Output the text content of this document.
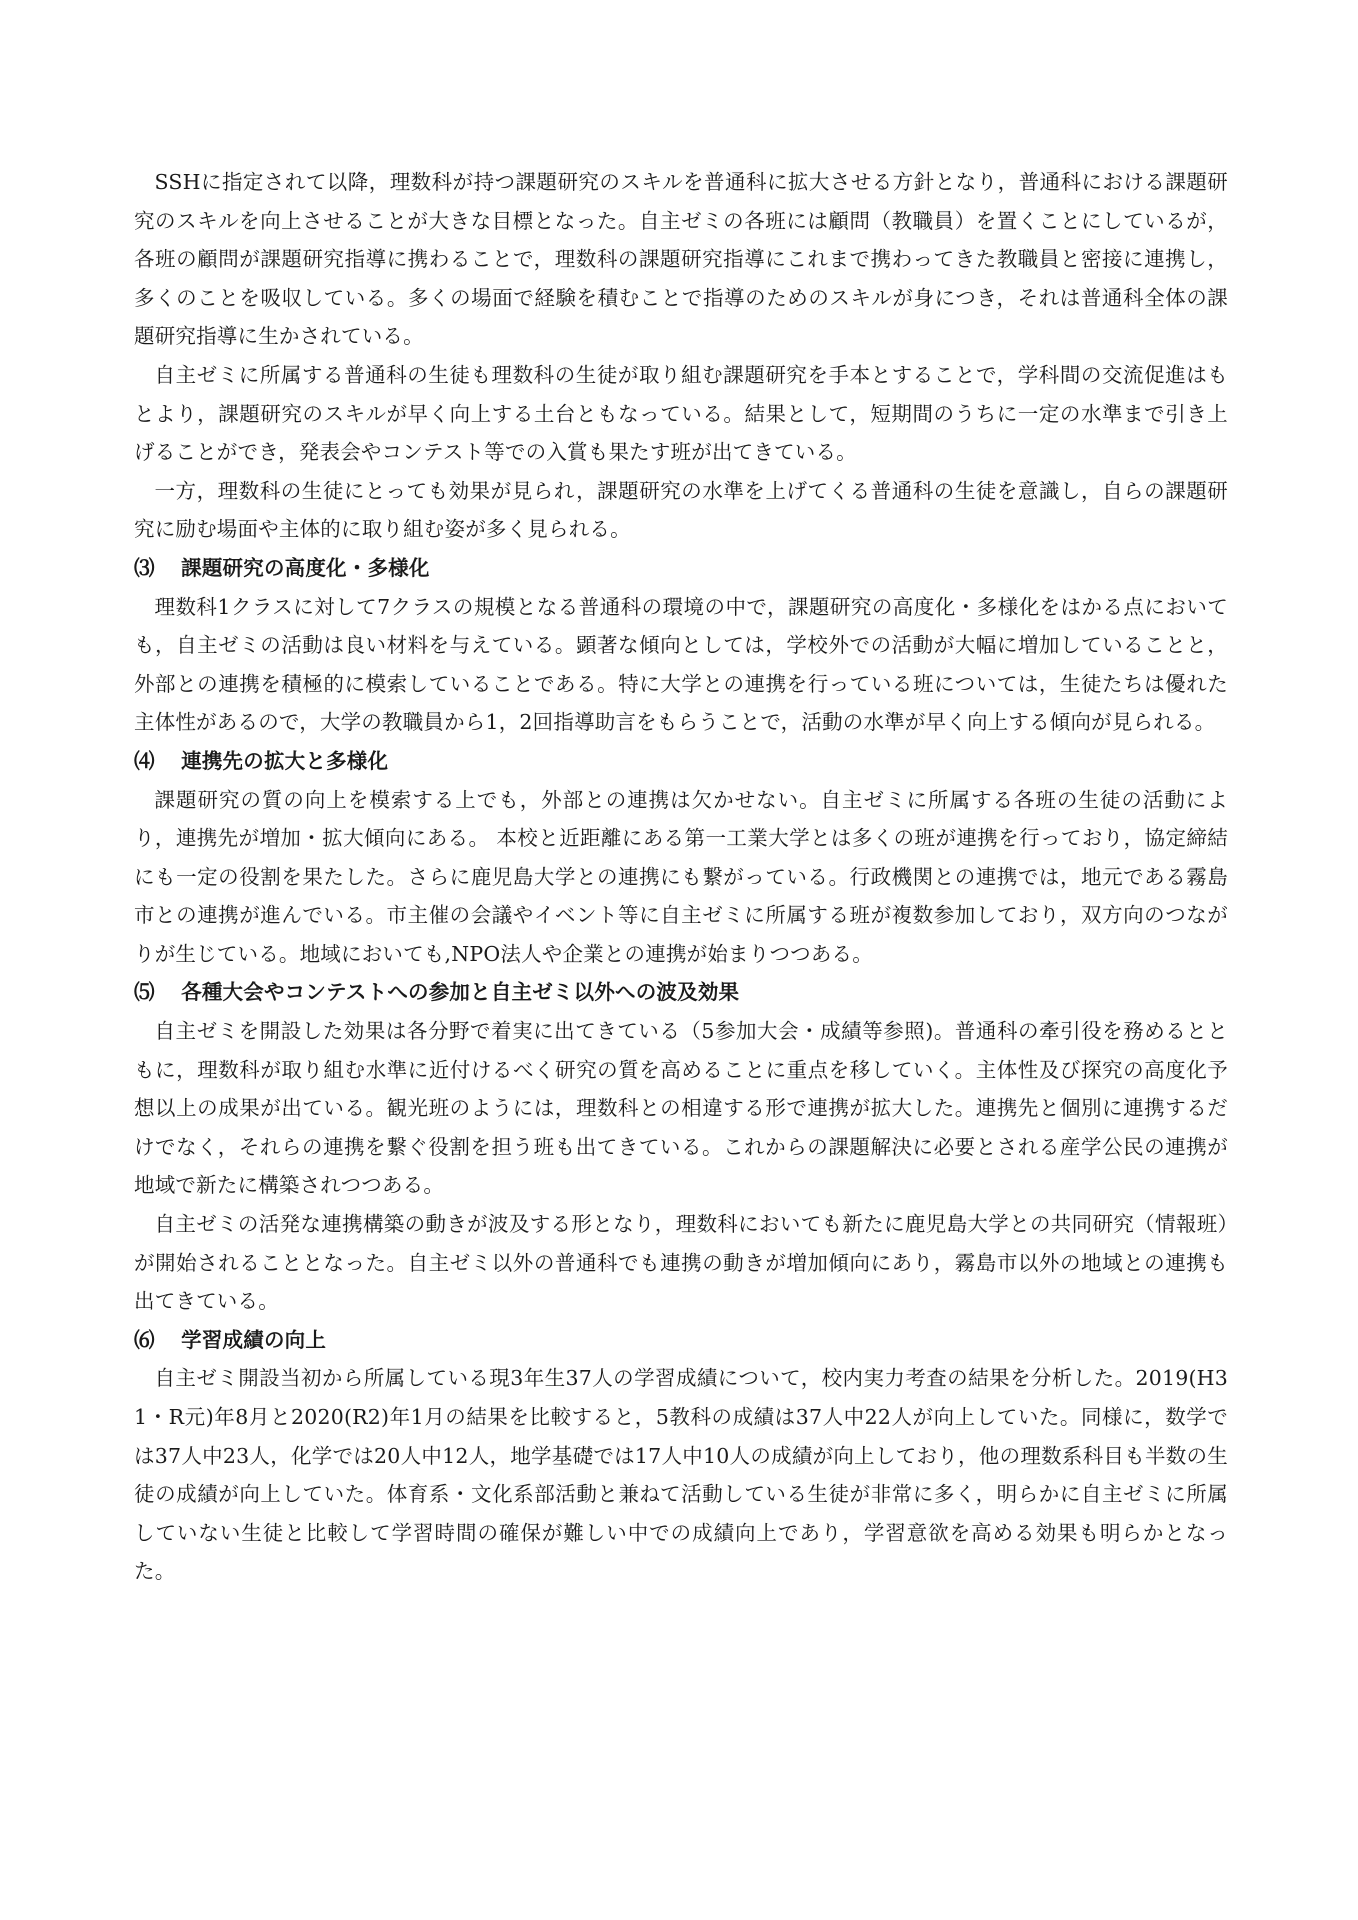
SSHに指定されて以降，理数科が持つ課題研究のスキルを普通科に拡大させる方針となり，普通科における課題研究のスキルを向上させることが大きな目標となった。自主ゼミの各班には顧問（教職員）を置くことにしているが，各班の顧問が課題研究指導に携わることで，理数科の課題研究指導にこれまで携わってきた教職員と密接に連携し，多くのことを吸収している。多くの場面で経験を積むことで指導のためのスキルが身につき，それは普通科全体の課題研究指導に生かされている。

自主ゼミに所属する普通科の生徒も理数科の生徒が取り組む課題研究を手本とすることで，学科間の交流促進はもとより，課題研究のスキルが早く向上する土台ともなっている。結果として，短期間のうちに一定の水準まで引き上げることができ，発表会やコンテスト等での入賞も果たす班が出てきている。

一方，理数科の生徒にとっても効果が見られ，課題研究の水準を上げてくる普通科の生徒を意識し，自らの課題研究に励む場面や主体的に取り組む姿が多く見られる。

⑶ 課題研究の高度化・多様化

理数科1クラスに対して7クラスの規模となる普通科の環境の中で，課題研究の高度化・多様化をはかる点においても，自主ゼミの活動は良い材料を与えている。顕著な傾向としては，学校外での活動が大幅に増加していることと，外部との連携を積極的に模索していることである。特に大学との連携を行っている班については，生徒たちは優れた主体性があるので，大学の教職員から1，2回指導助言をもらうことで，活動の水準が早く向上する傾向が見られる。

⑷ 連携先の拡大と多様化

課題研究の質の向上を模索する上でも，外部との連携は欠かせない。自主ゼミに所属する各班の生徒の活動により，連携先が増加・拡大傾向にある。 本校と近距離にある第一工業大学とは多くの班が連携を行っており，協定締結にも一定の役割を果たした。さらに鹿児島大学との連携にも繋がっている。行政機関との連携では，地元である霧島市との連携が進んでいる。市主催の会議やイベント等に自主ゼミに所属する班が複数参加しており，双方向のつながりが生じている。地域においても,NPO法人や企業との連携が始まりつつある。

⑸ 各種大会やコンテストへの参加と自主ゼミ以外への波及効果

自主ゼミを開設した効果は各分野で着実に出てきている（5参加大会・成績等参照)。普通科の牽引役を務めるとともに，理数科が取り組む水準に近付けるべく研究の質を高めることに重点を移していく。主体性及び探究の高度化予想以上の成果が出ている。観光班のようには，理数科との相違する形で連携が拡大した。連携先と個別に連携するだけでなく，それらの連携を繋ぐ役割を担う班も出てきている。これからの課題解決に必要とされる産学公民の連携が地域で新たに構築されつつある。

自主ゼミの活発な連携構築の動きが波及する形となり，理数科においても新たに鹿児島大学との共同研究（情報班）が開始されることとなった。自主ゼミ以外の普通科でも連携の動きが増加傾向にあり，霧島市以外の地域との連携も出てきている。

⑹ 学習成績の向上

自主ゼミ開設当初から所属している現3年生37人の学習成績について，校内実力考査の結果を分析した。2019(H31・R元)年8月と2020(R2)年1月の結果を比較すると，5教科の成績は37人中22人が向上していた。同様に，数学では37人中23人，化学では20人中12人，地学基礎では17人中10人の成績が向上しており，他の理数系科目も半数の生徒の成績が向上していた。体育系・文化系部活動と兼ねて活動している生徒が非常に多く，明らかに自主ゼミに所属していない生徒と比較して学習時間の確保が難しい中での成績向上であり，学習意欲を高める効果も明らかとなった。
